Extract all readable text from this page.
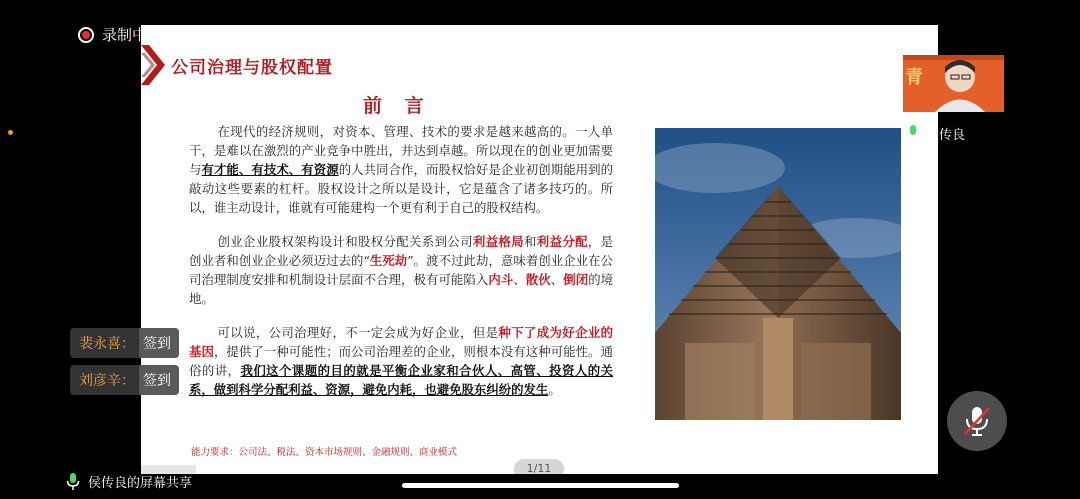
录制中
公司治理与股权配置
前 言

在现代的经济规则，对资本、管理、技术的要求是越来越高的。一人单干，是难以在激烈的产业竞争中胜出，并达到卓越。所以现在的创业更加需要与有才能、有技术、有资源的人共同合作，而股权恰好是企业初创期能用到的敲动这些要素的杠杆。股权设计之所以是设计，它是蕴含了诸多技巧的。所以，谁主动设计，谁就有可能建构一个更有利于自己的股权结构。

创业企业股权架构设计和股权分配关系到公司利益格局和利益分配，是创业者和创业企业必须迈过去的“生死劫”。渡不过此劫，意味着创业企业在公司治理制度安排和机制设计层面不合理，极有可能陷入内斗、散伙、倒闭的境地。

可以说，公司治理好，不一定会成为好企业，但是种下了成为好企业的基因，提供了一种可能性；而公司治理差的企业，则根本没有这种可能性。通俗的讲，我们这个课题的目的就是平衡企业家和合伙人、高管、投资人的关系，做到科学分配利益、资源，避免内耗，也避免股东纠纷的发生。

能力要求：公司法、税法、资本市场规则、金融规则、商业模式
1/11
青
侯传良
裴永喜： 签到
刘彦辛： 签到
侯传良的屏幕共享
